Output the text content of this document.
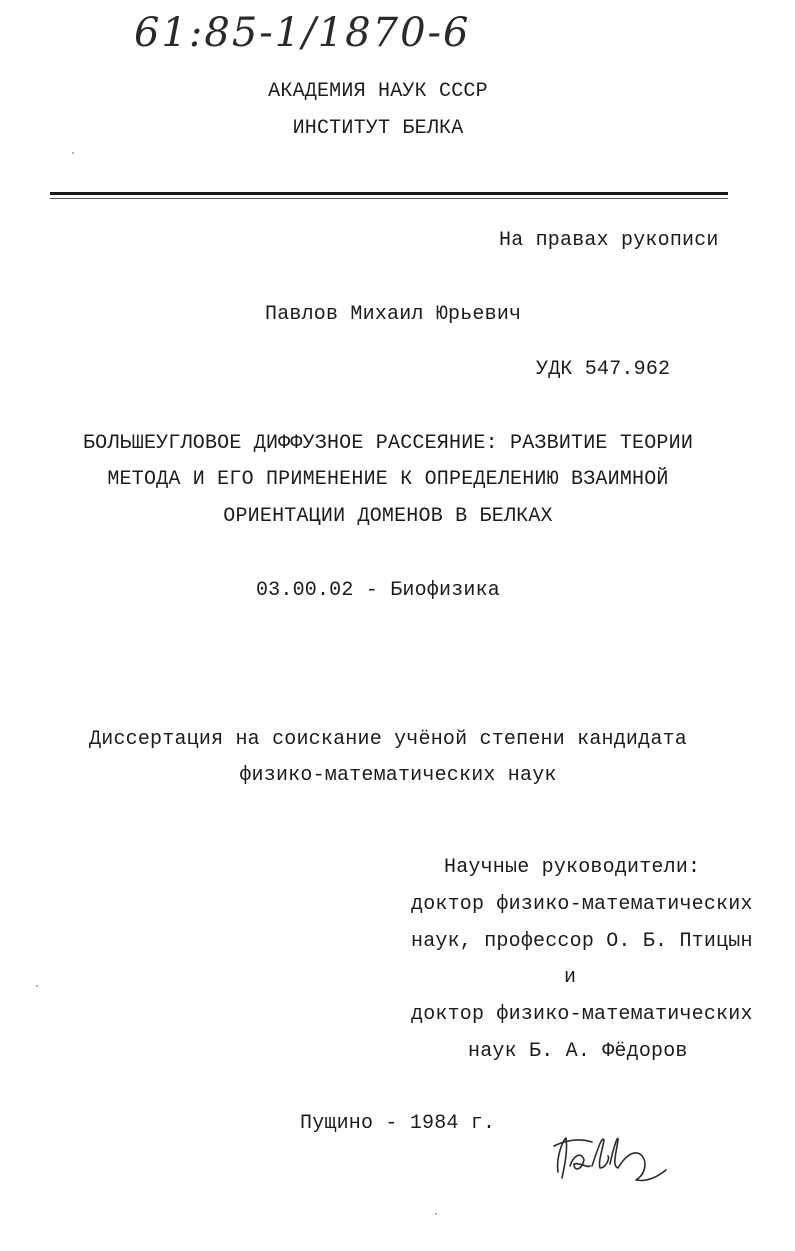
61:85-1/1870-6
АКАДЕМИЯ НАУК СССР
ИНСТИТУТ БЕЛКА
На правах рукописи
Павлов Михаил Юрьевич
УДК 547.962
БОЛЬШЕУГЛОВОЕ ДИФФУЗНОЕ РАССЕЯНИЕ: РАЗВИТИЕ ТЕОРИИ
МЕТОДА И ЕГО ПРИМЕНЕНИЕ К ОПРЕДЕЛЕНИЮ ВЗАИМНОЙ
ОРИЕНТАЦИИ ДОМЕНОВ В БЕЛКАХ
03.00.02 - Биофизика
Диссертация на соискание учёной степени кандидата
физико-математических наук
Научные руководители:
доктор физико-математических
наук, профессор О. Б. Птицын
и
доктор физико-математических
наук Б. А. Фёдоров
Пущино - 1984 г.
